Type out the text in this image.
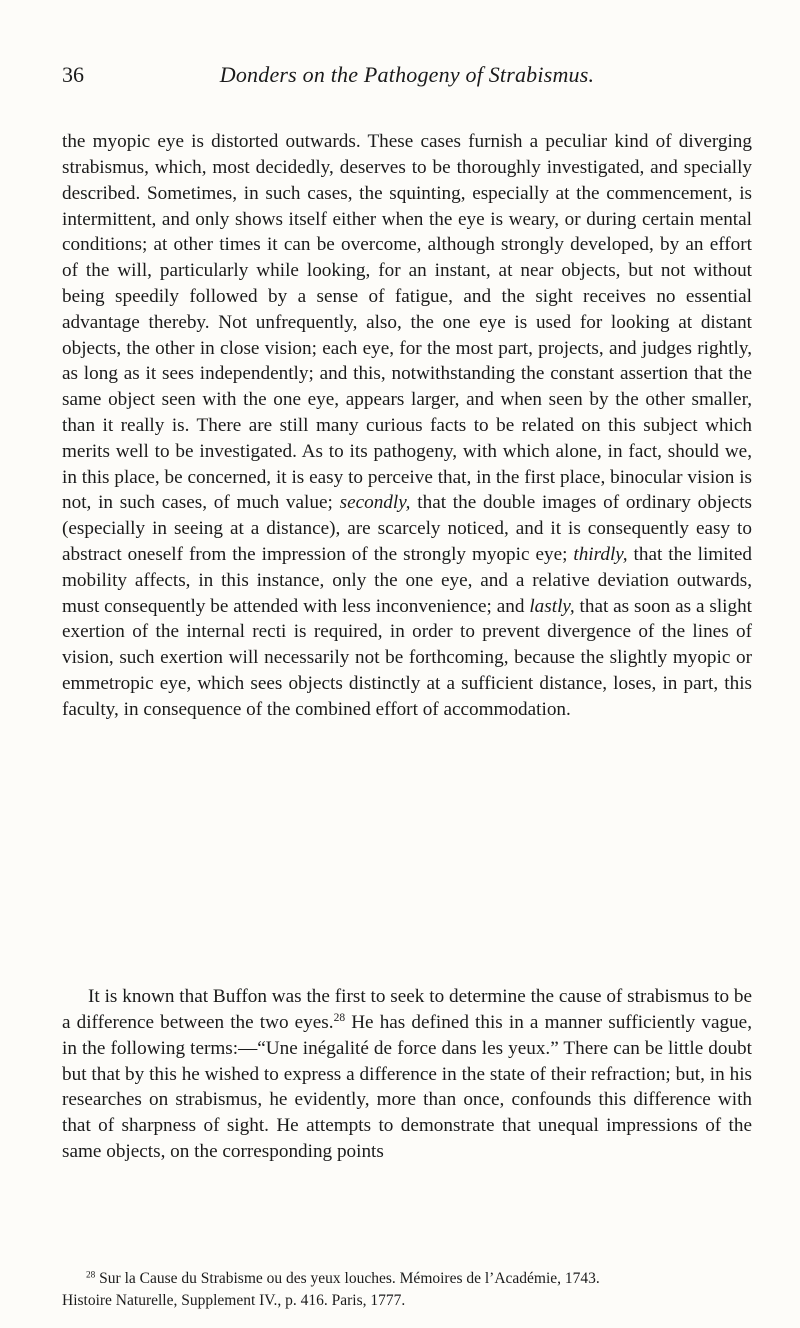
36	Donders on the Pathogeny of Strabismus.

the myopic eye is distorted outwards. These cases furnish a peculiar kind of diverging strabismus, which, most decidedly, deserves to be thoroughly investigated, and specially described. Sometimes, in such cases, the squinting, especially at the commencement, is intermittent, and only shows itself either when the eye is weary, or during certain mental conditions; at other times it can be overcome, although strongly developed, by an effort of the will, particularly while looking, for an instant, at near objects, but not without being speedily followed by a sense of fatigue, and the sight receives no essential advantage thereby. Not unfrequently, also, the one eye is used for looking at distant objects, the other in close vision; each eye, for the most part, projects, and judges rightly, as long as it sees independently; and this, notwithstanding the constant assertion that the same object seen with the one eye, appears larger, and when seen by the other smaller, than it really is. There are still many curious facts to be related on this subject which merits well to be investigated. As to its pathogeny, with which alone, in fact, should we, in this place, be concerned, it is easy to perceive that, in the first place, binocular vision is not, in such cases, of much value; secondly, that the double images of ordinary objects (especially in seeing at a distance), are scarcely noticed, and it is consequently easy to abstract oneself from the impression of the strongly myopic eye; thirdly, that the limited mobility affects, in this instance, only the one eye, and a relative deviation outwards, must consequently be attended with less inconvenience; and lastly, that as soon as a slight exertion of the internal recti is required, in order to prevent divergence of the lines of vision, such exertion will necessarily not be forthcoming, because the slightly myopic or emmetropic eye, which sees objects distinctly at a sufficient distance, loses, in part, this faculty, in consequence of the combined effort of accommodation.

It is known that Buffon was the first to seek to determine the cause of strabismus to be a difference between the two eyes.$^{28}$ He has defined this in a manner sufficiently vague, in the following terms:—“Une inégalité de force dans les yeux.” There can be little doubt but that by this he wished to express a difference in the state of their refraction; but, in his researches on strabismus, he evidently, more than once, confounds this difference with that of sharpness of sight. He attempts to demonstrate that unequal impressions of the same objects, on the corresponding points

$^{28}$ Sur la Cause du Strabisme ou des yeux louches. Mémoires de l’Académie, 1743.
Histoire Naturelle, Supplement IV., p. 416. Paris, 1777.
